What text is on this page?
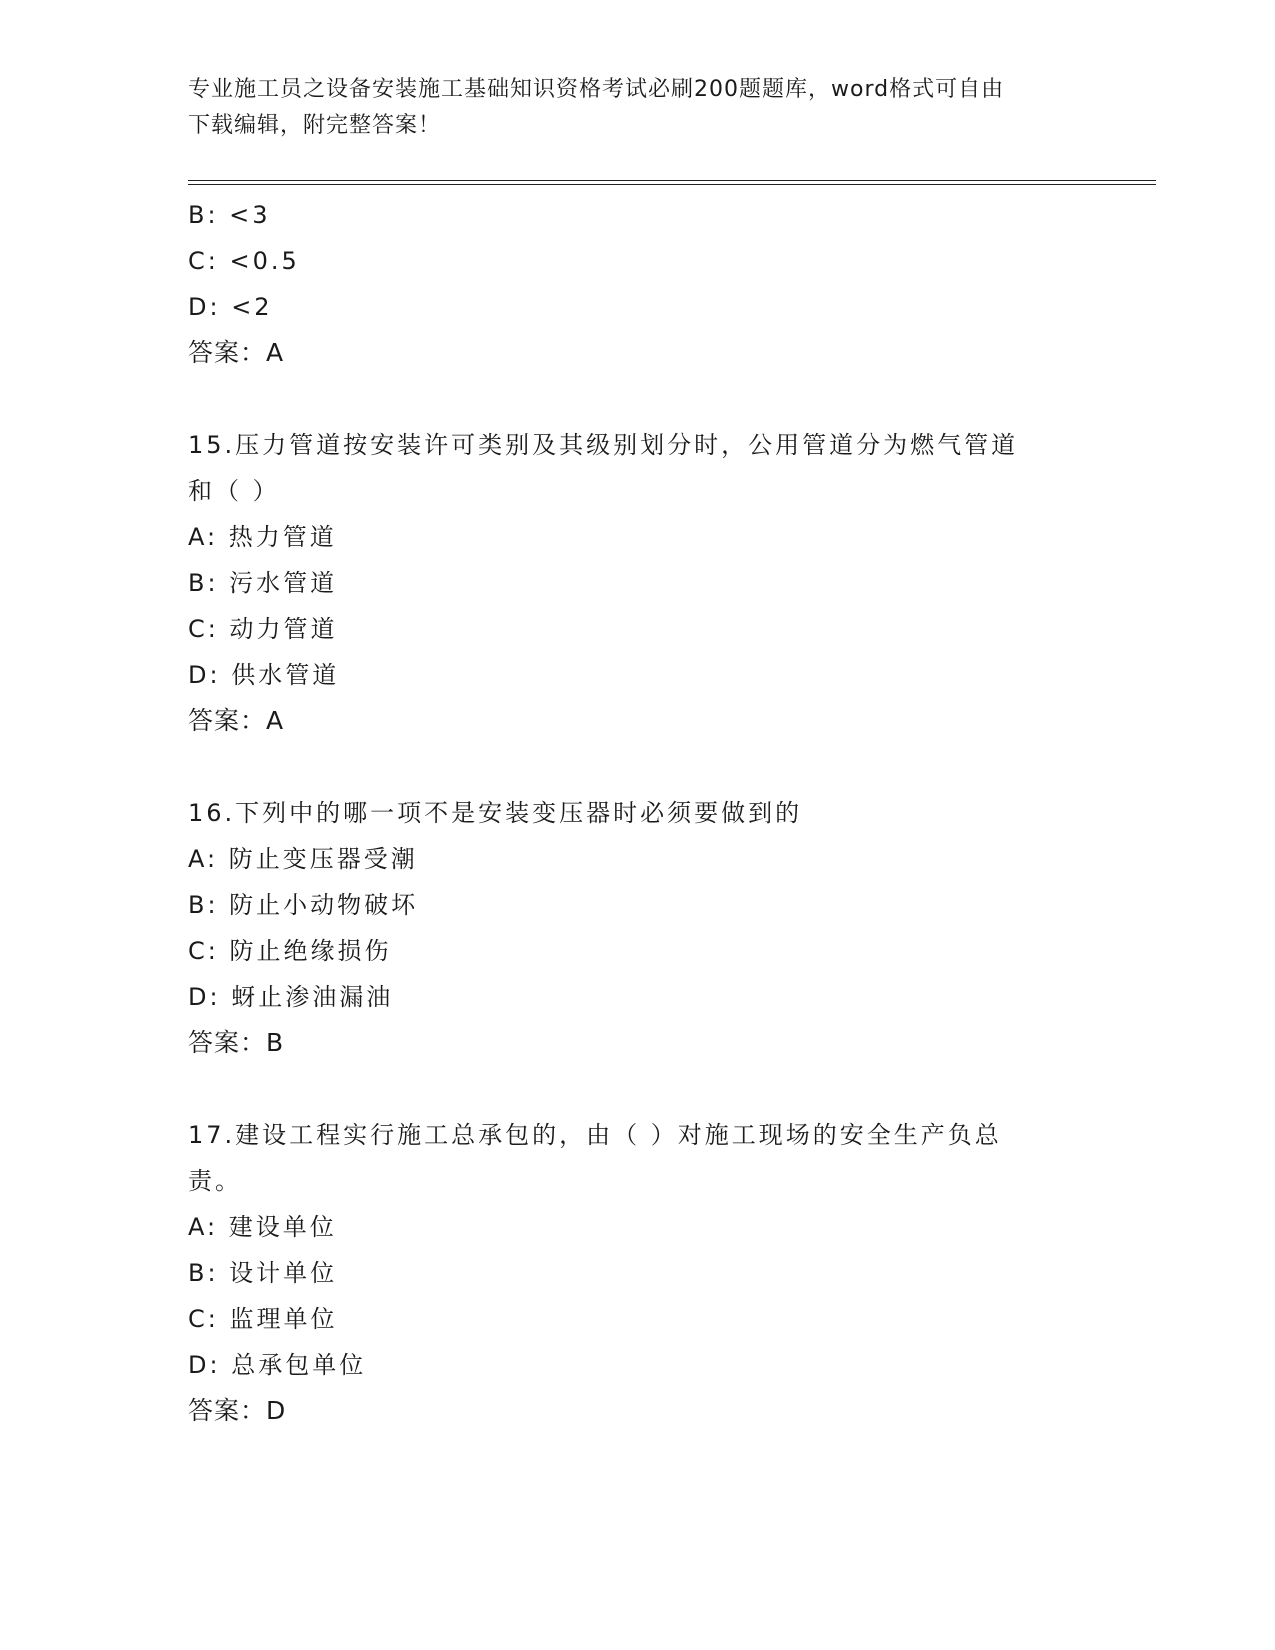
专业施工员之设备安装施工基础知识资格考试必刷200题题库，word格式可自由
下载编辑，附完整答案！
B: <3
C: <0.5
D: <2
答案：A
15.压力管道按安装许可类别及其级别划分时，公用管道分为燃气管道
和（ ）
A: 热力管道
B: 污水管道
C: 动力管道
D: 供水管道
答案：A
16.下列中的哪一项不是安装变压器时必须要做到的
A: 防止变压器受潮
B: 防止小动物破坏
C: 防止绝缘损伤
D: 蚜止渗油漏油
答案：B
17.建设工程实行施工总承包的，由（ ）对施工现场的安全生产负总
责。
A: 建设单位
B: 设计单位
C: 监理单位
D: 总承包单位
答案：D
